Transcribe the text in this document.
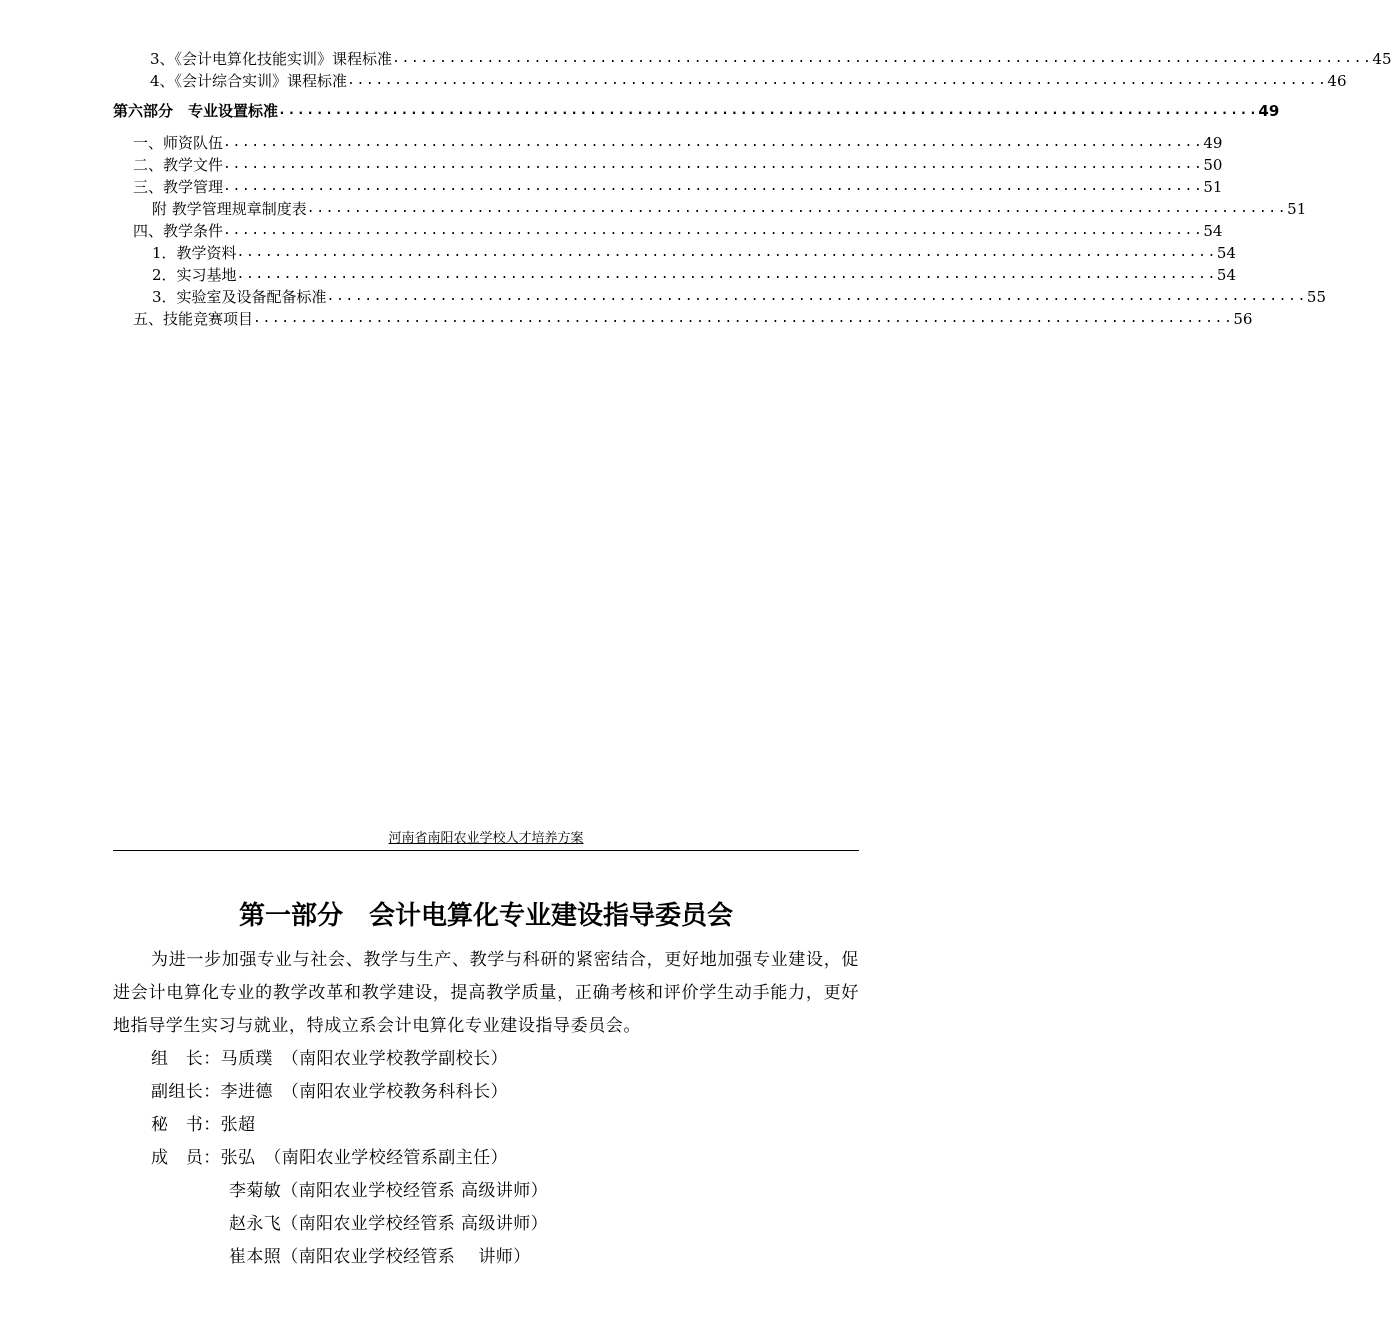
3、《会计电算化技能实训》课程标准 ........................................................................................................ 45
4、《会计综合实训》课程标准 ........................................................................................................ 46
第六部分　专业设置标准 ........................................................................................................ 49
一、师资队伍 ........................................................................................................ 49
二、教学文件 ........................................................................................................ 50
三、教学管理 ........................................................................................................ 51
附 教学管理规章制度表 ........................................................................................................ 51
四、教学条件 ........................................................................................................ 54
1．教学资料 ........................................................................................................ 54
2．实习基地 ........................................................................................................ 54
3．实验室及设备配备标准 ........................................................................................................ 55
五、技能竞赛项目 ........................................................................................................ 56
河南省南阳农业学校人才培养方案
第一部分　会计电算化专业建设指导委员会
为进一步加强专业与社会、教学与生产、教学与科研的紧密结合，更好地加强专业建设，促进会计电算化专业的教学改革和教学建设，提高教学质量，正确考核和评价学生动手能力，更好地指导学生实习与就业，特成立系会计电算化专业建设指导委员会。
组　长：马质璞　（南阳农业学校教学副校长）
副组长：李进德　（南阳农业学校教务科科长）
秘　书：张超
成　员：张弘　（南阳农业学校经管系副主任）
李菊敏（南阳农业学校经管系 高级讲师）
赵永飞（南阳农业学校经管系 高级讲师）
崔本照（南阳农业学校经管系　 讲师）
